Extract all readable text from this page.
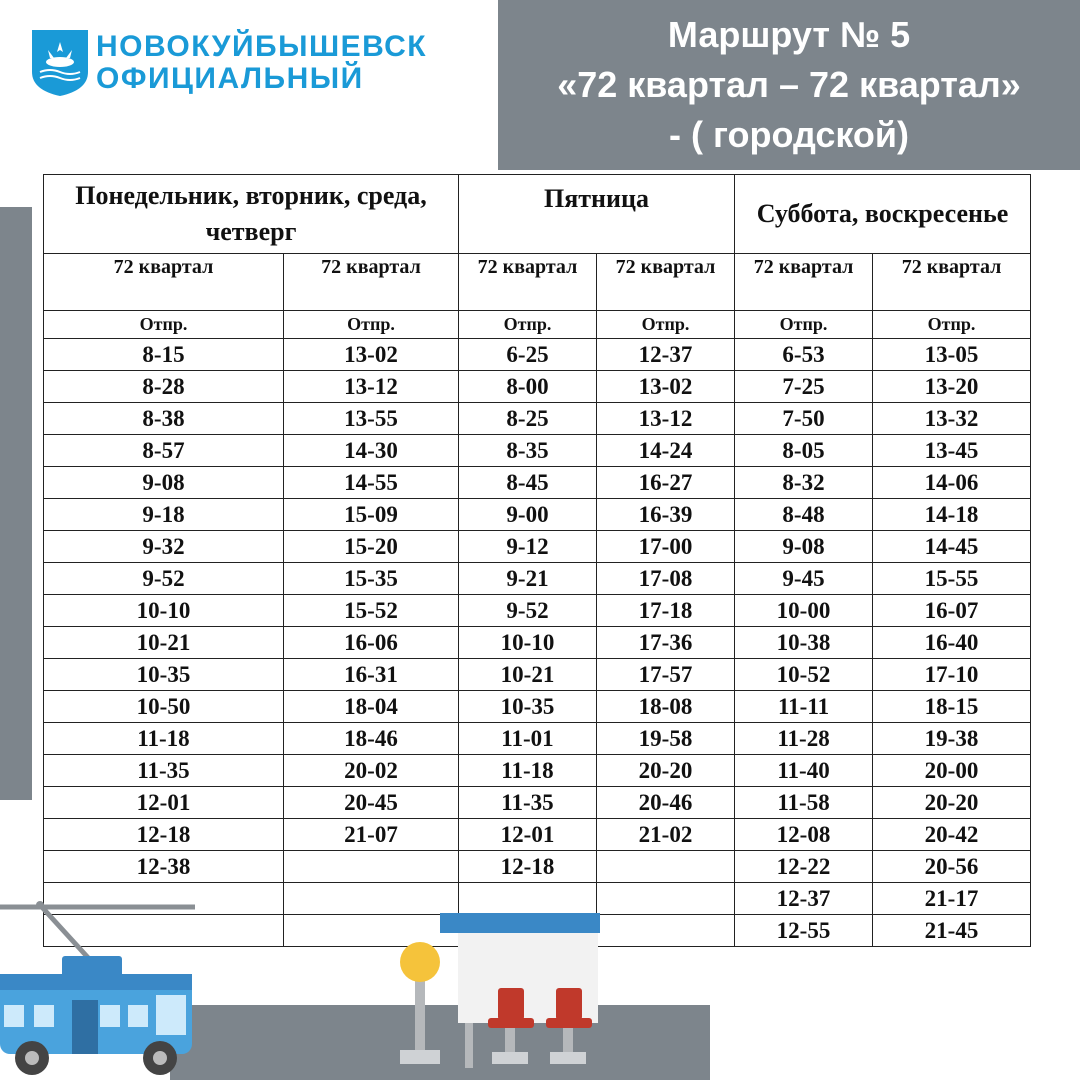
НОВОКУЙБЫШЕВСК
ОФИЦИАЛЬНЫЙ
Маршрут № 5
«72 квартал – 72 квартал»
- ( городской)
Понедельник, вторник, среда, четверг		Пятница		Суббота, воскресенье	
72 квартал	72 квартал	72 квартал	72 квартал	72 квартал	72 квартал
Отпр.	Отпр.	Отпр.	Отпр.	Отпр.	Отпр.
8-15	13-02	6-25	12-37	6-53	13-05
8-28	13-12	8-00	13-02	7-25	13-20
8-38	13-55	8-25	13-12	7-50	13-32
8-57	14-30	8-35	14-24	8-05	13-45
9-08	14-55	8-45	16-27	8-32	14-06
9-18	15-09	9-00	16-39	8-48	14-18
9-32	15-20	9-12	17-00	9-08	14-45
9-52	15-35	9-21	17-08	9-45	15-55
10-10	15-52	9-52	17-18	10-00	16-07
10-21	16-06	10-10	17-36	10-38	16-40
10-35	16-31	10-21	17-57	10-52	17-10
10-50	18-04	10-35	18-08	11-11	18-15
11-18	18-46	11-01	19-58	11-28	19-38
11-35	20-02	11-18	20-20	11-40	20-00
12-01	20-45	11-35	20-46	11-58	20-20
12-18	21-07	12-01	21-02	12-08	20-42
12-38		12-18		12-22	20-56
				12-37	21-17
				12-55	21-45
